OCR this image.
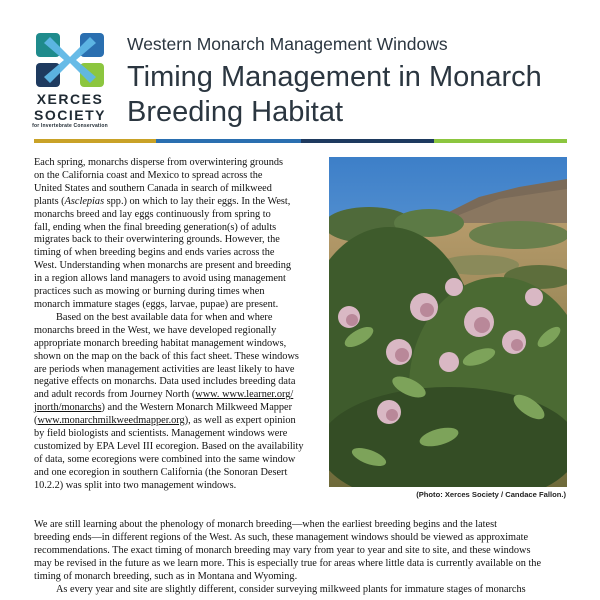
XERCES
SOCIETY
for Invertebrate Conservation
Western Monarch Management Windows
Timing Management in Monarch
Breeding Habitat

Each spring, monarchs disperse from overwintering grounds

on the California coast and Mexico to spread across the

United States and southern Canada in search of milkweed

plants (Asclepias spp.) on which to lay their eggs. In the West,

monarchs breed and lay eggs continuously from spring to

fall, ending when the final breeding generation(s) of adults

migrates back to their overwintering grounds. However, the

timing of when breeding begins and ends varies across the

West. Understanding when monarchs are present and breeding

in a region allows land managers to avoid using management

practices such as mowing or burning during times when

monarch immature stages (eggs, larvae, pupae) are present.

Based on the best available data for when and where

monarchs breed in the West, we have developed regionally

appropriate monarch breeding habitat management windows,

shown on the map on the back of this fact sheet. These windows

are periods when management activities are least likely to have

negative effects on monarchs. Data used includes breeding data

and adult records from Journey North (www. www.learner.org/

jnorth/monarchs) and the Western Monarch Milkweed Mapper

(www.monarchmilkweedmapper.org), as well as expert opinion

by field biologists and scientists. Management windows were

customized by EPA Level III ecoregion. Based on the availability

of data, some ecoregions were combined into the same window

and one ecoregion in southern California (the Sonoran Desert

10.2.2) was split into two management windows.

(Photo: Xerces Society / Candace Fallon.)

We are still learning about the phenology of monarch breeding—when the earliest breeding begins and the latest

breeding ends—in different regions of the West. As such, these management windows should be viewed as approximate

recommendations. The exact timing of monarch breeding may vary from year to year and site to site, and these windows

may be revised in the future as we learn more. This is especially true for areas where little data is currently available on the

timing of monarch breeding, such as in Montana and Wyoming.

As every year and site are slightly different, consider surveying milkweed plants for immature stages of monarchs
